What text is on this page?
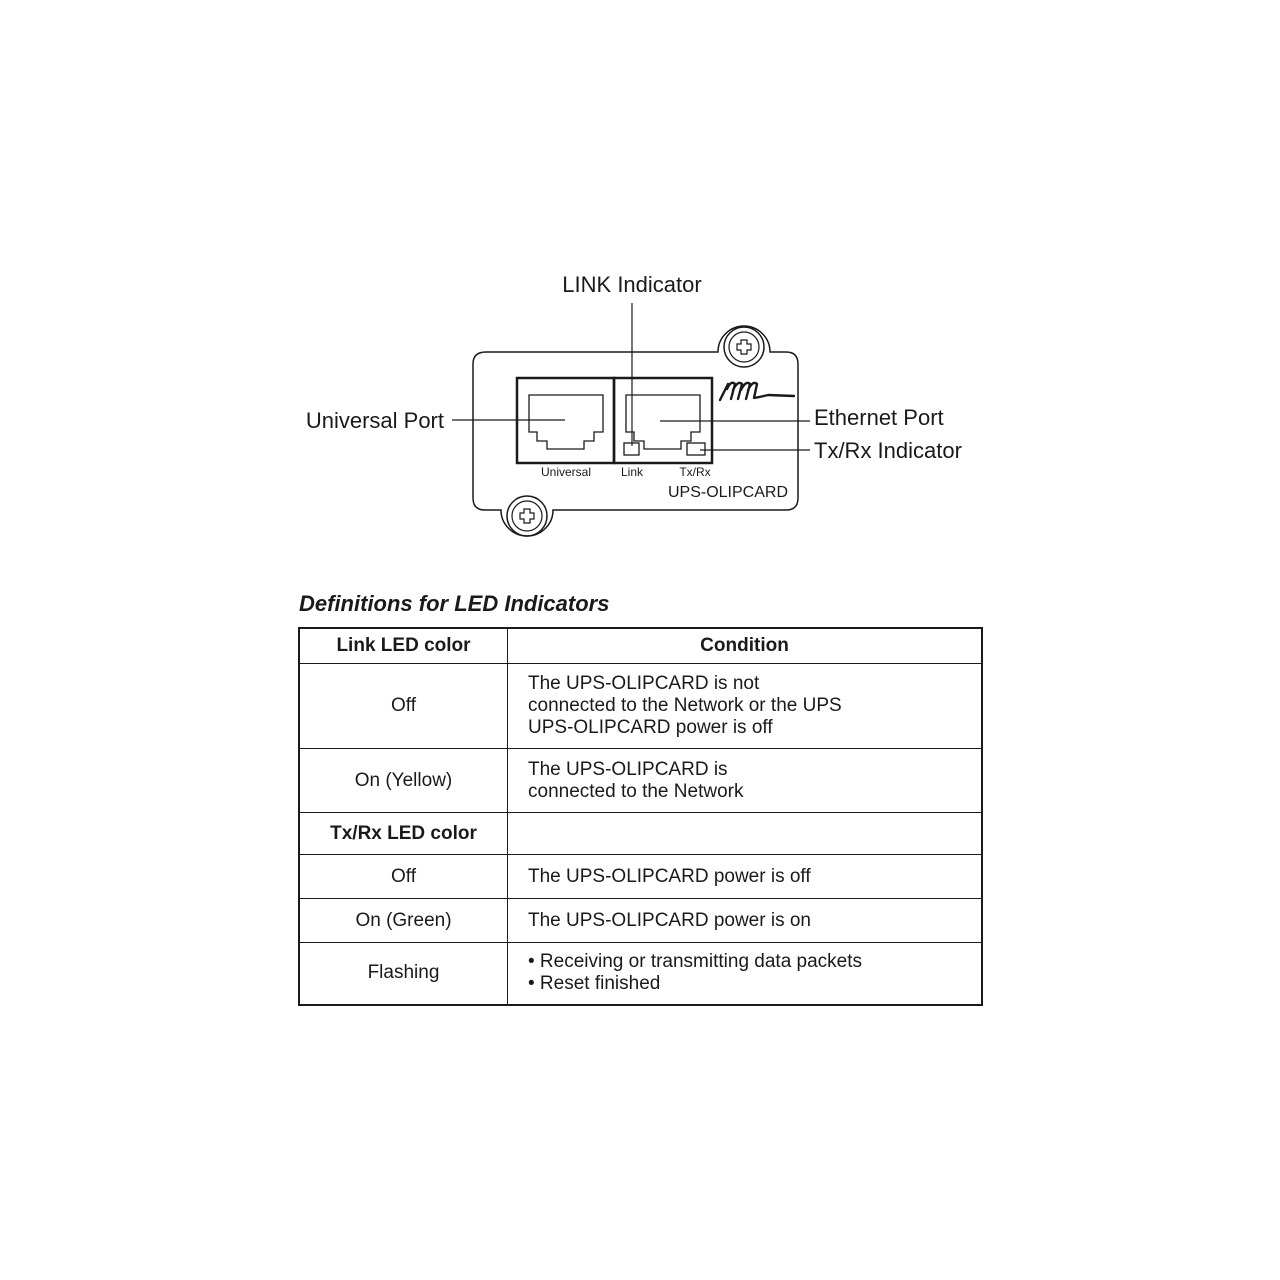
Universal Link	Tx/Rx
UPS-OLIPCARD
LINK Indicator
Universal Port	Ethernet Port
Tx/Rx Indicator
Definitions for LED Indicators
Link LED color	Condition
Off	The UPS-OLIPCARD is not
connected to the Network or the UPS
UPS-OLIPCARD power is off

On (Yellow)	The UPS-OLIPCARD is
connected to the Network

Tx/Rx LED color	
Off	The UPS-OLIPCARD power is off

On (Green)	The UPS-OLIPCARD power is on

Flashing	• Receiving or transmitting data packets
• Reset finished
